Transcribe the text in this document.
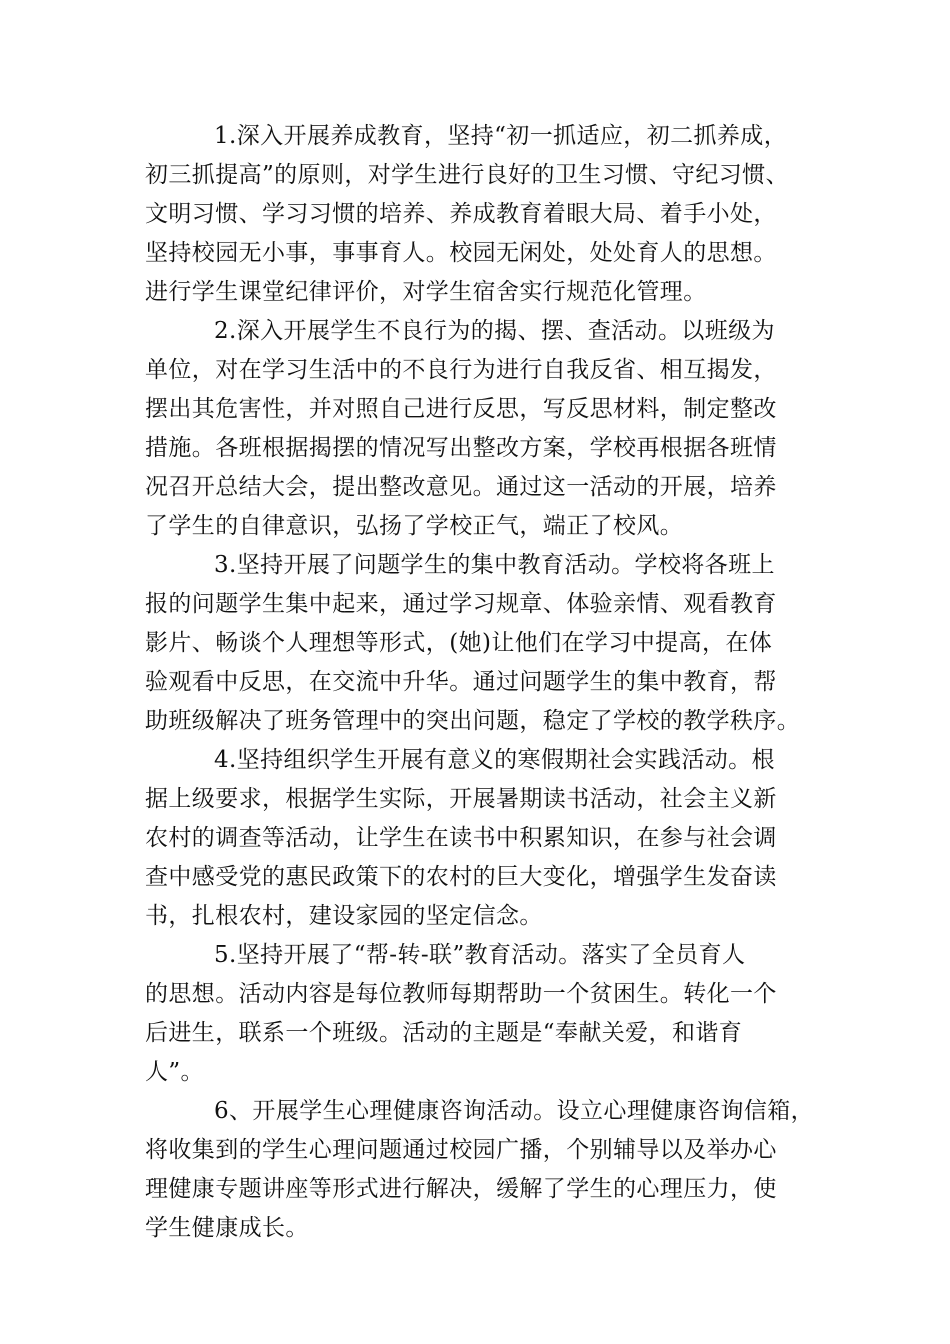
1.深入开展养成教育，坚持“初一抓适应，初二抓养成，
初三抓提高”的原则，对学生进行良好的卫生习惯、守纪习惯、
文明习惯、学习习惯的培养、养成教育着眼大局、着手小处，
坚持校园无小事，事事育人。校园无闲处，处处育人的思想。
进行学生课堂纪律评价，对学生宿舍实行规范化管理。
2.深入开展学生不良行为的揭、摆、查活动。以班级为
单位，对在学习生活中的不良行为进行自我反省、相互揭发，
摆出其危害性，并对照自己进行反思，写反思材料，制定整改
措施。各班根据揭摆的情况写出整改方案，学校再根据各班情
况召开总结大会，提出整改意见。通过这一活动的开展，培养
了学生的自律意识，弘扬了学校正气，端正了校风。
3.坚持开展了问题学生的集中教育活动。学校将各班上
报的问题学生集中起来，通过学习规章、体验亲情、观看教育
影片、畅谈个人理想等形式，(她)让他们在学习中提高，在体
验观看中反思，在交流中升华。通过问题学生的集中教育，帮
助班级解决了班务管理中的突出问题，稳定了学校的教学秩序。
4.坚持组织学生开展有意义的寒假期社会实践活动。根
据上级要求，根据学生实际，开展暑期读书活动，社会主义新
农村的调查等活动，让学生在读书中积累知识，在参与社会调
查中感受党的惠民政策下的农村的巨大变化，增强学生发奋读
书，扎根农村，建设家园的坚定信念。
5.坚持开展了“帮-转-联”教育活动。落实了全员育人
的思想。活动内容是每位教师每期帮助一个贫困生。转化一个
后进生，联系一个班级。活动的主题是“奉献关爱，和谐育
人”。
6、开展学生心理健康咨询活动。设立心理健康咨询信箱，
将收集到的学生心理问题通过校园广播，个别辅导以及举办心
理健康专题讲座等形式进行解决，缓解了学生的心理压力，使
学生健康成长。
